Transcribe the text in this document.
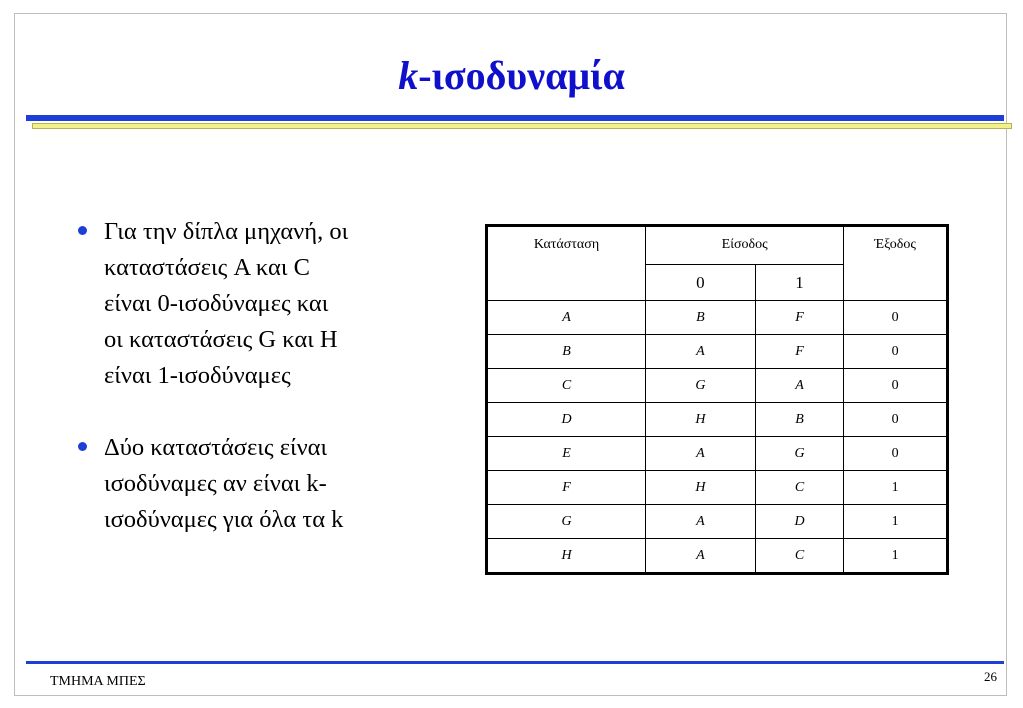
k-ισοδυναμία
Για την δίπλα μηχανή, οι
καταστάσεις A και C
είναι 0-ισοδύναμες και
οι καταστάσεις G και H
είναι 1-ισοδύναμες
Δύο καταστάσεις είναι
ισοδύναμες αν είναι k-
ισοδύναμες για όλα τα k
Κατάσταση	Είσοδος		Έξοδος
	0	1	
A	B	F	0
B	A	F	0
C	G	A	0
D	H	B	0
E	A	G	0
F	H	C	1
G	A	D	1
H	A	C	1
ΤΜΗΜΑ ΜΠΕΣ	26
